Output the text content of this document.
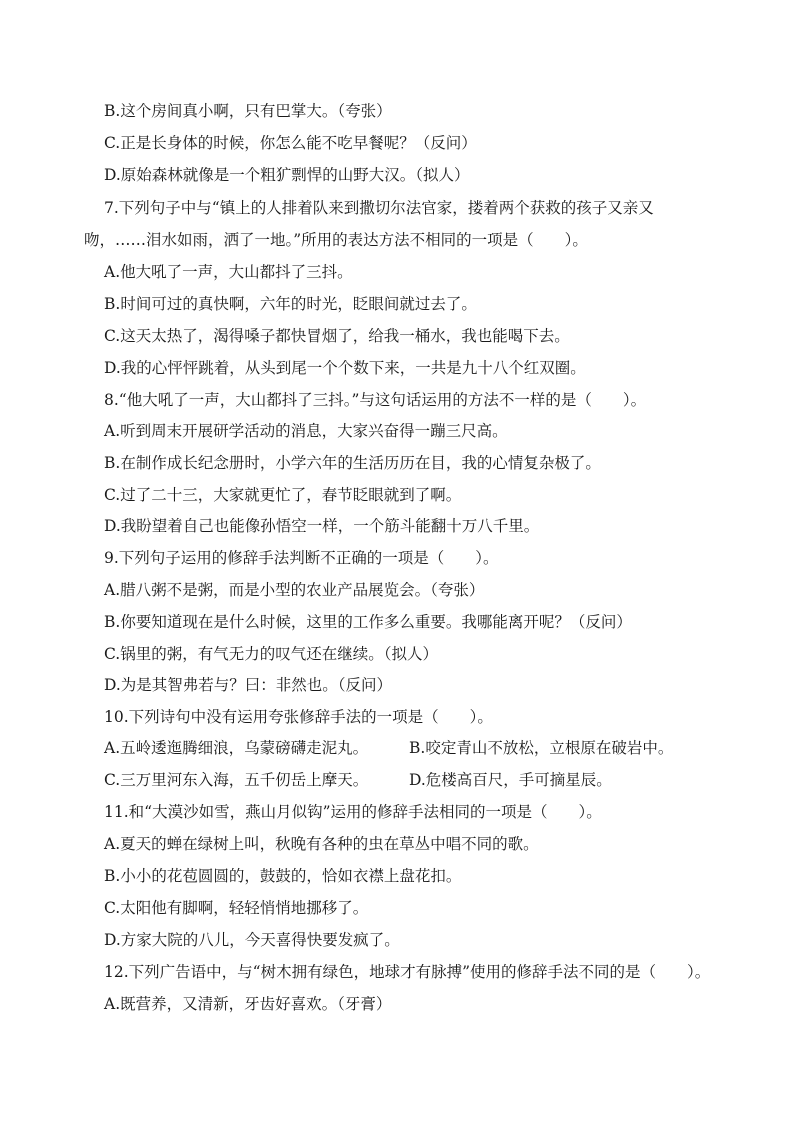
B.这个房间真小啊，只有巴掌大。（夸张）
C.正是长身体的时候，你怎么能不吃早餐呢？（反问）
D.原始森林就像是一个粗犷剽悍的山野大汉。（拟人）
7.下列句子中与“镇上的人排着队来到撒切尔法官家，搂着两个获救的孩子又亲又
吻，……泪水如雨，洒了一地。”所用的表达方法不相同的一项是（　　）。
A.他大吼了一声，大山都抖了三抖。
B.时间可过的真快啊，六年的时光，眨眼间就过去了。
C.这天太热了，渴得嗓子都快冒烟了，给我一桶水，我也能喝下去。
D.我的心怦怦跳着，从头到尾一个个数下来，一共是九十八个红双圈。
8.“他大吼了一声，大山都抖了三抖。”与这句话运用的方法不一样的是（　　）。
A.听到周末开展研学活动的消息，大家兴奋得一蹦三尺高。
B.在制作成长纪念册时，小学六年的生活历历在目，我的心情复杂极了。
C.过了二十三，大家就更忙了，春节眨眼就到了啊。
D.我盼望着自己也能像孙悟空一样，一个筋斗能翻十万八千里。
9.下列句子运用的修辞手法判断不正确的一项是（　　）。
A.腊八粥不是粥，而是小型的农业产品展览会。（夸张）
B.你要知道现在是什么时候，这里的工作多么重要。我哪能离开呢？（反问）
C.锅里的粥，有气无力的叹气还在继续。（拟人）
D.为是其智弗若与？曰：非然也。（反问）
10.下列诗句中没有运用夸张修辞手法的一项是（　　）。
A.五岭逶迤腾细浪，乌蒙磅礴走泥丸。	B.咬定青山不放松，立根原在破岩中。
C.三万里河东入海，五千仞岳上摩天。	D.危楼高百尺，手可摘星辰。
11.和“大漠沙如雪，燕山月似钩”运用的修辞手法相同的一项是（　　）。
A.夏天的蝉在绿树上叫，秋晚有各种的虫在草丛中唱不同的歌。
B.小小的花苞圆圆的，鼓鼓的，恰如衣襟上盘花扣。
C.太阳他有脚啊，轻轻悄悄地挪移了。
D.方家大院的八儿，今天喜得快要发疯了。
12.下列广告语中，与“树木拥有绿色，地球才有脉搏”使用的修辞手法不同的是（　　）。
A.既营养，又清新，牙齿好喜欢。（牙膏）
